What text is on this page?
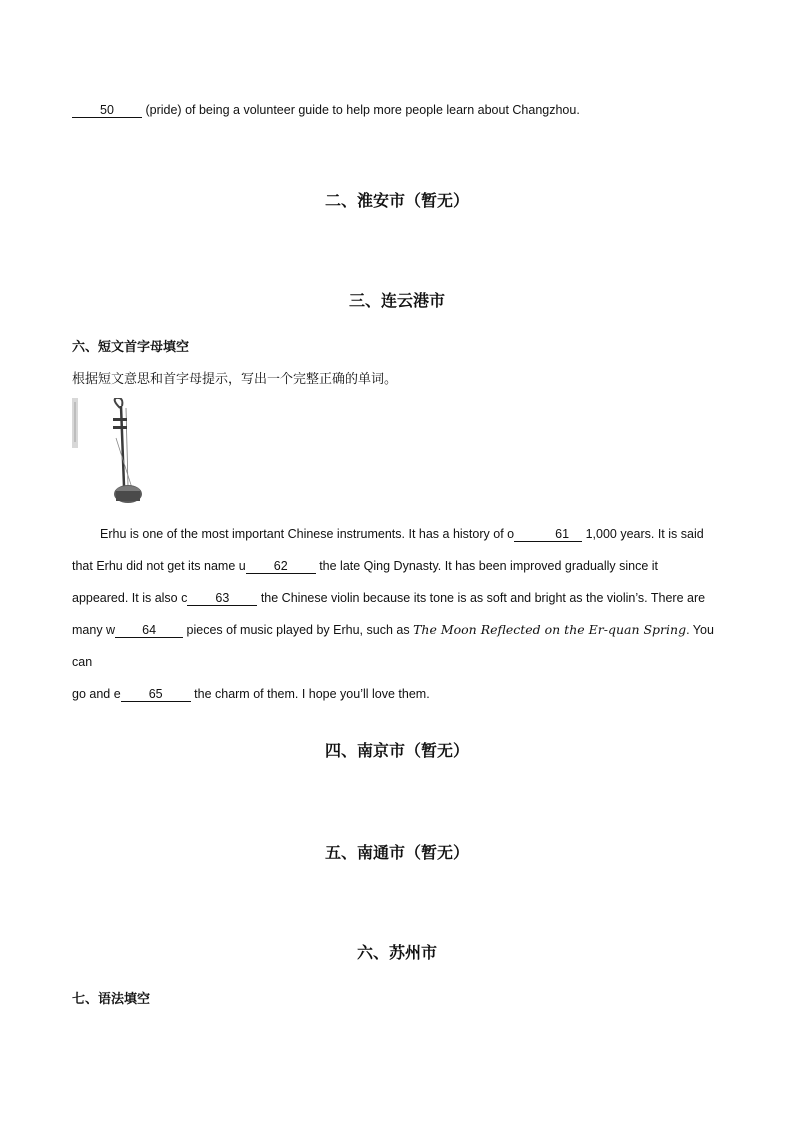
50 (pride) of being a volunteer guide to help more people learn about Changzhou.
二、淮安市（暂无）
三、连云港市
六、短文首字母填空
根据短文意思和首字母提示，写出一个完整正确的单词。

Erhu is one of the most important Chinese instruments. It has a history of o	61 1,000 years. It is said

that Erhu did not get its name u 62 the late Qing Dynasty. It has been improved gradually since it

appeared. It is also c 63 the Chinese violin because its tone is as soft and bright as the violin’s. There are

many w 64 pieces of music played by Erhu, such as The Moon Reflected on the Er-quan Spring. You can

go and e 65 the charm of them. I hope you’ll love them.

四、南京市（暂无）
五、南通市（暂无）
六、苏州市
七、语法填空
